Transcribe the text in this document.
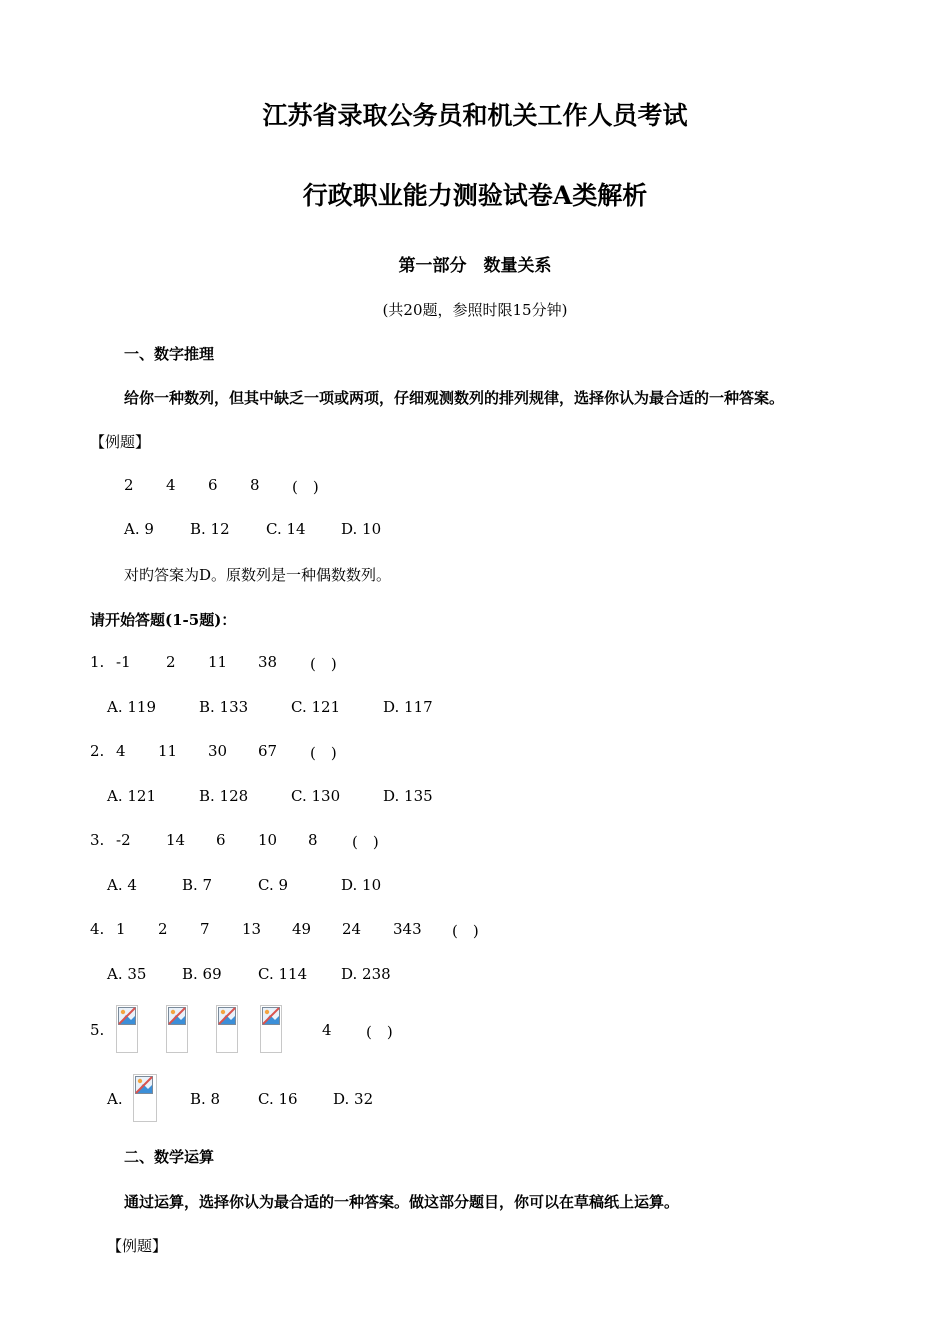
江苏省录取公务员和机关工作人员考试
行政职业能力测验试卷A类解析
第一部分　数量关系
(共20题，参照时限15分钟)
一、数字推理
给你一种数列，但其中缺乏一项或两项，仔细观测数列的排列规律，选择你认为最合适的一种答案。
【例题】
2 4 6 8 (　)
A. 9 B. 12 C. 14 D. 10
对旳答案为D。原数列是一种偶数数列。
请开始答题(1-5题)：
1. -1 2 11 38 (　)
A. 119	B. 133	C. 121	D. 117
2. 4 11 30 67 (　)
A. 121	B. 128	C. 130	D. 135
3. -2 14 6 10 8 (　)
A. 4	B. 7	C. 9	D. 10
4. 1 2 7 13 49 24 343 (　)
A. 35 B. 69 C. 114 D. 238
5.	4 (　)
A.	B. 8	C. 16 D. 32
二、数学运算
通过运算，选择你认为最合适的一种答案。做这部分题目，你可以在草稿纸上运算。
【例题】
